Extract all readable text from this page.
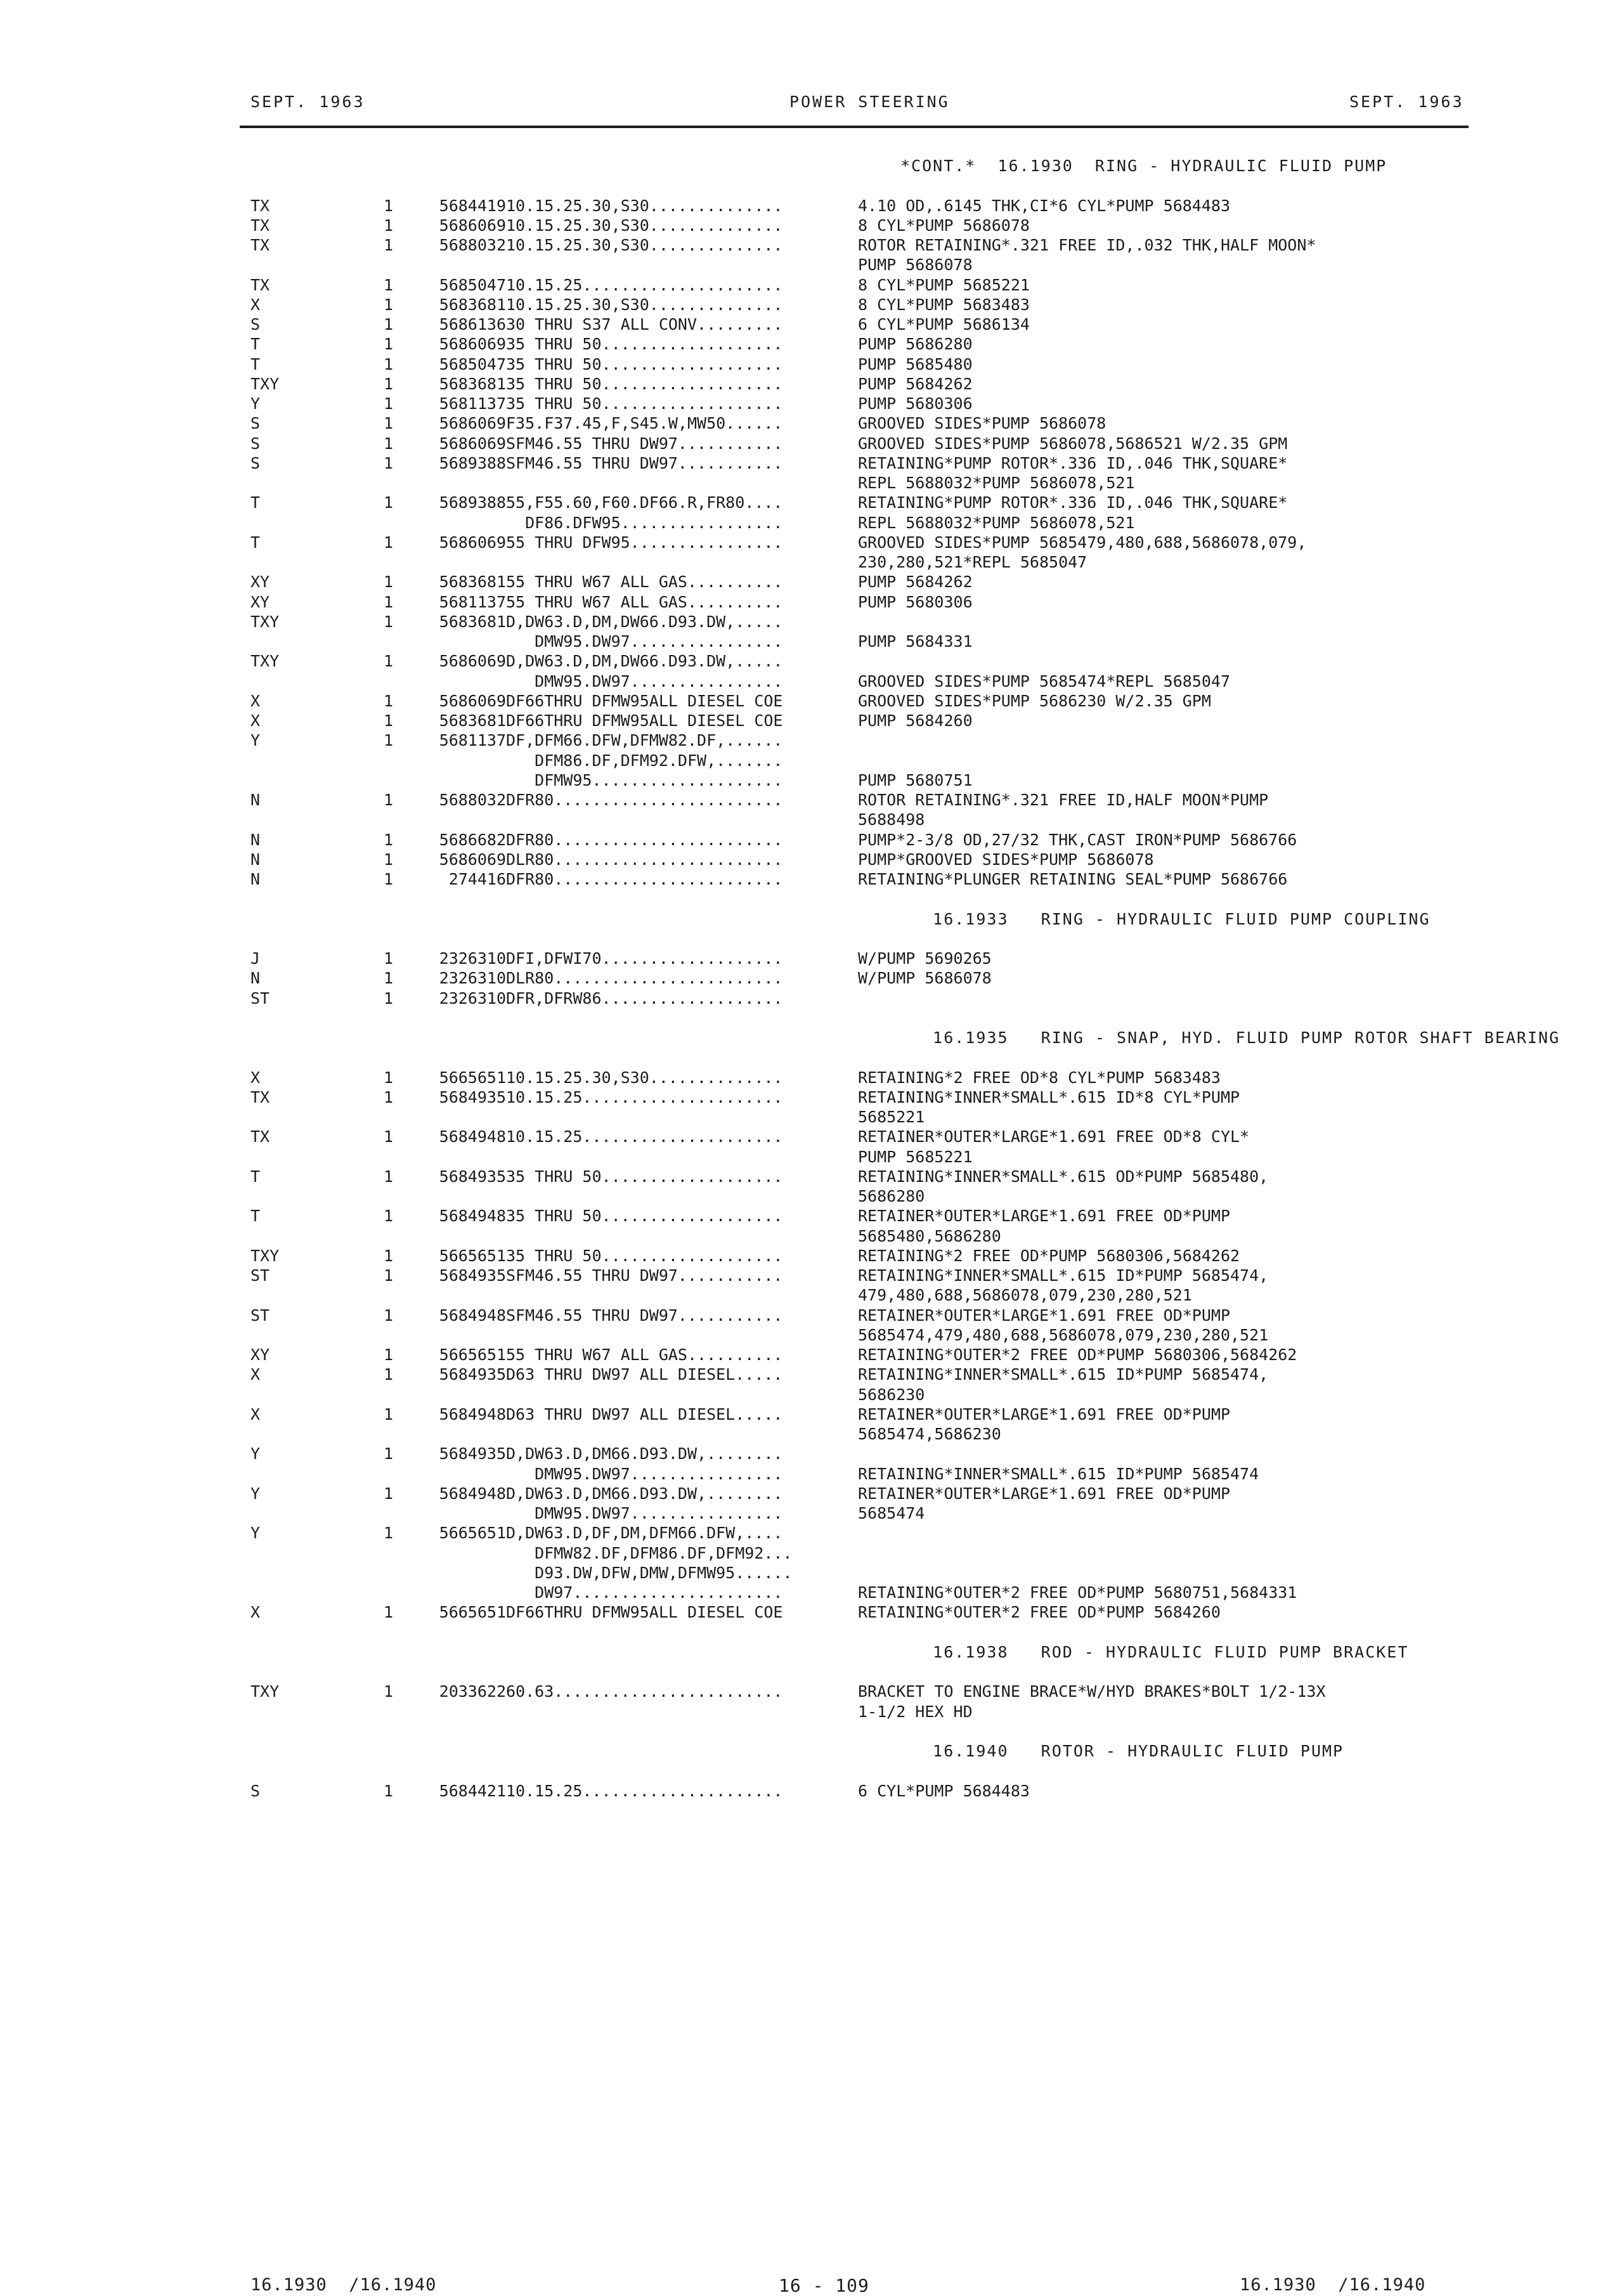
SEPT. 1963	POWER STEERING	SEPT. 1963
*CONT.*  16.1930  RING - HYDRAULIC FLUID PUMP
TX	1	5684419 10.15.25.30,S30..............	4.10 OD,.6145 THK,CI*6 CYL*PUMP 5684483
TX	1	5686069 10.15.25.30,S30..............	8 CYL*PUMP 5686078
TX	1	5688032 10.15.25.30,S30..............	ROTOR RETAINING*.321 FREE ID,.032 THK,HALF MOON*
PUMP 5686078
TX	1	5685047 10.15.25.....................	8 CYL*PUMP 5685221
X	1	5683681 10.15.25.30,S30..............	8 CYL*PUMP 5683483
S	1	5686136 30 THRU S37 ALL CONV.........	6 CYL*PUMP 5686134
T	1	5686069 35 THRU 50...................	PUMP 5686280
T	1	5685047 35 THRU 50...................	PUMP 5685480
TXY	1	5683681 35 THRU 50...................	PUMP 5684262
Y	1	5681137 35 THRU 50...................	PUMP 5680306
S	1	5686069 F35.F37.45,F,S45.W,MW50......	GROOVED SIDES*PUMP 5686078
S	1	5686069 SFM46.55 THRU DW97...........	GROOVED SIDES*PUMP 5686078,5686521 W/2.35 GPM
S	1	5689388 SFM46.55 THRU DW97...........	RETAINING*PUMP ROTOR*.336 ID,.046 THK,SQUARE*
REPL 5688032*PUMP 5686078,521
T	1	5689388 55,F55.60,F60.DF66.R,FR80....	RETAINING*PUMP ROTOR*.336 ID,.046 THK,SQUARE*
DF86.DFW95.................	REPL 5688032*PUMP 5686078,521
T	1	5686069 55 THRU DFW95................	GROOVED SIDES*PUMP 5685479,480,688,5686078,079,
230,280,521*REPL 5685047
XY	1	5683681 55 THRU W67 ALL GAS..........	PUMP 5684262
XY	1	5681137 55 THRU W67 ALL GAS..........	PUMP 5680306
TXY	1	5683681 D,DW63.D,DM,DW66.D93.DW,.....
DMW95.DW97................	PUMP 5684331
TXY	1	5686069 D,DW63.D,DM,DW66.D93.DW,.....
DMW95.DW97................	GROOVED SIDES*PUMP 5685474*REPL 5685047
X	1	5686069 DF66THRU DFMW95ALL DIESEL COE	GROOVED SIDES*PUMP 5686230 W/2.35 GPM
X	1	5683681 DF66THRU DFMW95ALL DIESEL COE	PUMP 5684260
Y	1	5681137 DF,DFM66.DFW,DFMW82.DF,......
DFM86.DF,DFM92.DFW,.......
DFMW95....................	PUMP 5680751
N	1	5688032 DFR80........................	ROTOR RETAINING*.321 FREE ID,HALF MOON*PUMP
5688498
N	1	5686682 DFR80........................	PUMP*2-3/8 OD,27/32 THK,CAST IRON*PUMP 5686766
N	1	5686069 DLR80........................	PUMP*GROOVED SIDES*PUMP 5686078
N	1	274416 DFR80........................	RETAINING*PLUNGER RETAINING SEAL*PUMP 5686766
16.1933   RING - HYDRAULIC FLUID PUMP COUPLING
J	1	2326310 DFI,DFWI70...................	W/PUMP 5690265
N	1	2326310 DLR80........................	W/PUMP 5686078
ST	1	2326310 DFR,DFRW86...................
16.1935   RING - SNAP, HYD. FLUID PUMP ROTOR SHAFT BEARING
X	1	5665651 10.15.25.30,S30..............	RETAINING*2 FREE OD*8 CYL*PUMP 5683483
TX	1	5684935 10.15.25.....................	RETAINING*INNER*SMALL*.615 ID*8 CYL*PUMP
5685221
TX	1	5684948 10.15.25.....................	RETAINER*OUTER*LARGE*1.691 FREE OD*8 CYL*
PUMP 5685221
T	1	5684935 35 THRU 50...................	RETAINING*INNER*SMALL*.615 OD*PUMP 5685480,
5686280
T	1	5684948 35 THRU 50...................	RETAINER*OUTER*LARGE*1.691 FREE OD*PUMP
5685480,5686280
TXY	1	5665651 35 THRU 50...................	RETAINING*2 FREE OD*PUMP 5680306,5684262
ST	1	5684935 SFM46.55 THRU DW97...........	RETAINING*INNER*SMALL*.615 ID*PUMP 5685474,
479,480,688,5686078,079,230,280,521
ST	1	5684948 SFM46.55 THRU DW97...........	RETAINER*OUTER*LARGE*1.691 FREE OD*PUMP
5685474,479,480,688,5686078,079,230,280,521
XY	1	5665651 55 THRU W67 ALL GAS..........	RETAINING*OUTER*2 FREE OD*PUMP 5680306,5684262
X	1	5684935 D63 THRU DW97 ALL DIESEL.....	RETAINING*INNER*SMALL*.615 ID*PUMP 5685474,
5686230
X	1	5684948 D63 THRU DW97 ALL DIESEL.....	RETAINER*OUTER*LARGE*1.691 FREE OD*PUMP
5685474,5686230
Y	1	5684935 D,DW63.D,DM66.D93.DW,........
DMW95.DW97................	RETAINING*INNER*SMALL*.615 ID*PUMP 5685474
Y	1	5684948 D,DW63.D,DM66.D93.DW,........	RETAINER*OUTER*LARGE*1.691 FREE OD*PUMP
DMW95.DW97................	5685474
Y	1	5665651 D,DW63.D,DF,DM,DFM66.DFW,....
DFMW82.DF,DFM86.DF,DFM92...
D93.DW,DFW,DMW,DFMW95......
DW97......................	RETAINING*OUTER*2 FREE OD*PUMP 5680751,5684331
X	1	5665651 DF66THRU DFMW95ALL DIESEL COE	RETAINING*OUTER*2 FREE OD*PUMP 5684260
16.1938   ROD - HYDRAULIC FLUID PUMP BRACKET
TXY	1	2033622 60.63........................	BRACKET TO ENGINE BRACE*W/HYD BRAKES*BOLT 1/2-13X
1-1/2 HEX HD
16.1940   ROTOR - HYDRAULIC FLUID PUMP
S	1	5684421 10.15.25.....................	6 CYL*PUMP 5684483
16.1930  /16.1940	16 - 109	16.1930  /16.1940
